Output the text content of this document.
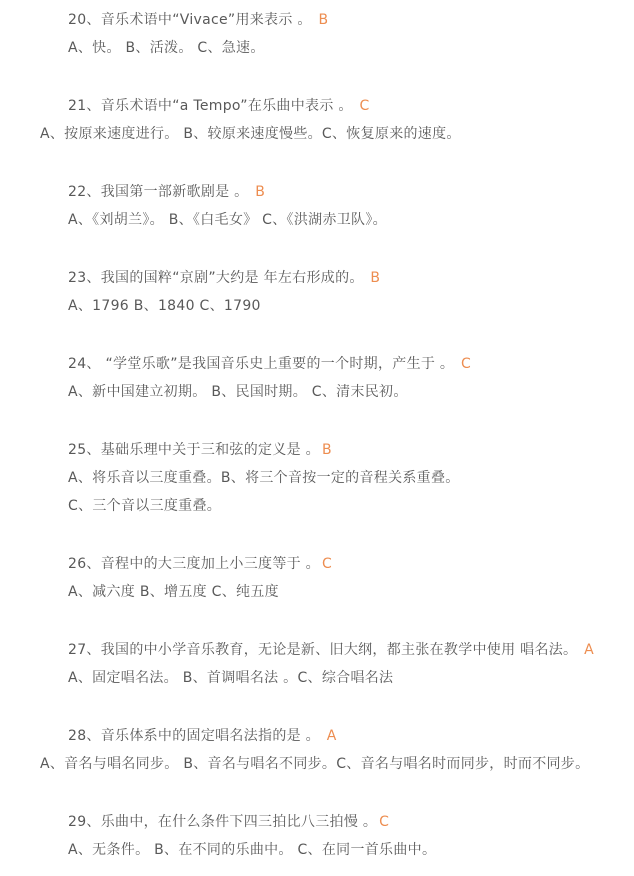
20、音乐术语中“Vivace”用来表示 。 B

A、快。 B、活泼。 C、急速。

21、音乐术语中“a Tempo”在乐曲中表示 。 C

A、按原来速度进行。 B、较原来速度慢些。C、恢复原来的速度。

22、我国第一部新歌剧是 。 B

A、《刘胡兰》。 B、《白毛女》 C、《洪湖赤卫队》。

23、我国的国粹“京剧”大约是 年左右形成的。 B

A、1796 B、1840 C、1790

24、 “学堂乐歌”是我国音乐史上重要的一个时期，产生于 。 C

A、新中国建立初期。 B、民国时期。 C、清末民初。

25、基础乐理中关于三和弦的定义是 。 B

A、将乐音以三度重叠。B、将三个音按一定的音程关系重叠。

C、三个音以三度重叠。

26、音程中的大三度加上小三度等于 。 C

A、减六度 B、增五度 C、纯五度

27、我国的中小学音乐教育，无论是新、旧大纲，都主张在教学中使用 唱名法。 A

A、固定唱名法。 B、首调唱名法 。C、综合唱名法

28、音乐体系中的固定唱名法指的是 。 A

A、音名与唱名同步。 B、音名与唱名不同步。C、音名与唱名时而同步，时而不同步。

29、乐曲中，在什么条件下四三拍比八三拍慢 。 C

A、无条件。 B、在不同的乐曲中。 C、在同一首乐曲中。
